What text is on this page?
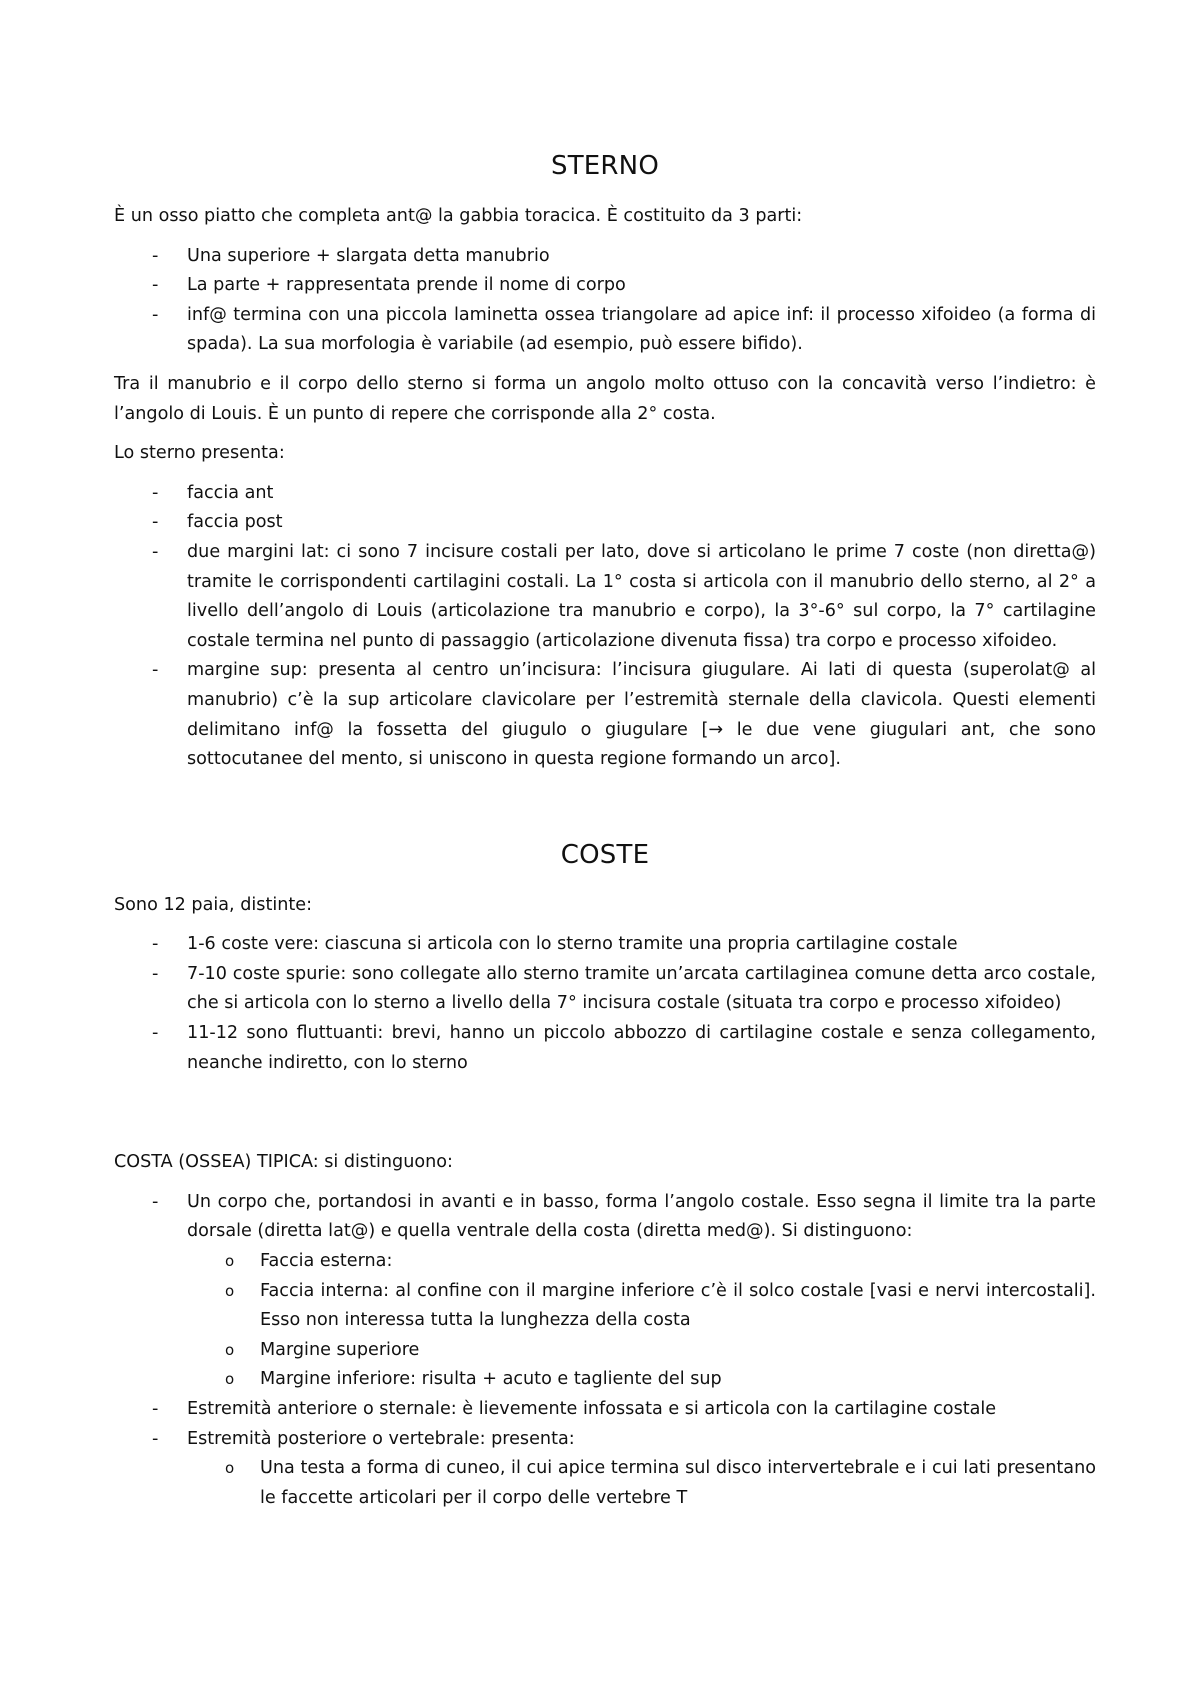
STERNO

È un osso piatto che completa ant@ la gabbia toracica. È costituito da 3 parti:

-	Una superiore + slargata detta manubrio
-	La parte + rappresentata prende il nome di corpo
-	inf@ termina con una piccola laminetta ossea triangolare ad apice inf: il processo xifoideo (a forma di spada). La sua morfologia è variabile (ad esempio, può essere bifido).

Tra il manubrio e il corpo dello sterno si forma un angolo molto ottuso con la concavità verso l’indietro: è l’angolo di Louis. È un punto di repere che corrisponde alla 2° costa.

Lo sterno presenta:

-	faccia ant
-	faccia post
-	due margini lat: ci sono 7 incisure costali per lato, dove si articolano le prime 7 coste (non diretta@) tramite le corrispondenti cartilagini costali. La 1° costa si articola con il manubrio dello sterno, al 2° a livello dell’angolo di Louis (articolazione tra manubrio e corpo), la 3°-6° sul corpo, la 7° cartilagine costale termina nel punto di passaggio (articolazione divenuta fissa) tra corpo e processo xifoideo.
-	margine sup: presenta al centro un’incisura: l’incisura giugulare. Ai lati di questa (superolat@ al manubrio) c’è la sup articolare clavicolare per l’estremità sternale della clavicola. Questi elementi delimitano inf@ la fossetta del giugulo o giugulare [→ le due vene giugulari ant, che sono sottocutanee del mento, si uniscono in questa regione formando un arco].
COSTE

Sono 12 paia, distinte:

-	1-6 coste vere: ciascuna si articola con lo sterno tramite una propria cartilagine costale
-	7-10 coste spurie: sono collegate allo sterno tramite un’arcata cartilaginea comune detta arco costale, che si articola con lo sterno a livello della 7° incisura costale (situata tra corpo e processo xifoideo)
-	11-12 sono fluttuanti: brevi, hanno un piccolo abbozzo di cartilagine costale e senza collegamento, neanche indiretto, con lo sterno

COSTA (OSSEA) TIPICA: si distinguono:

-	Un corpo che, portandosi in avanti e in basso, forma l’angolo costale. Esso segna il limite tra la parte dorsale (diretta lat@) e quella ventrale della costa (diretta med@). Si distinguono:
o Faccia esterna:
o Faccia interna: al confine con il margine inferiore c’è il solco costale [vasi e nervi intercostali]. Esso non interessa tutta la lunghezza della costa
o Margine superiore
o Margine inferiore: risulta + acuto e tagliente del sup
-	Estremità anteriore o sternale: è lievemente infossata e si articola con la cartilagine costale
-	Estremità posteriore o vertebrale: presenta:
o Una testa a forma di cuneo, il cui apice termina sul disco intervertebrale e i cui lati presentano le faccette articolari per il corpo delle vertebre T
